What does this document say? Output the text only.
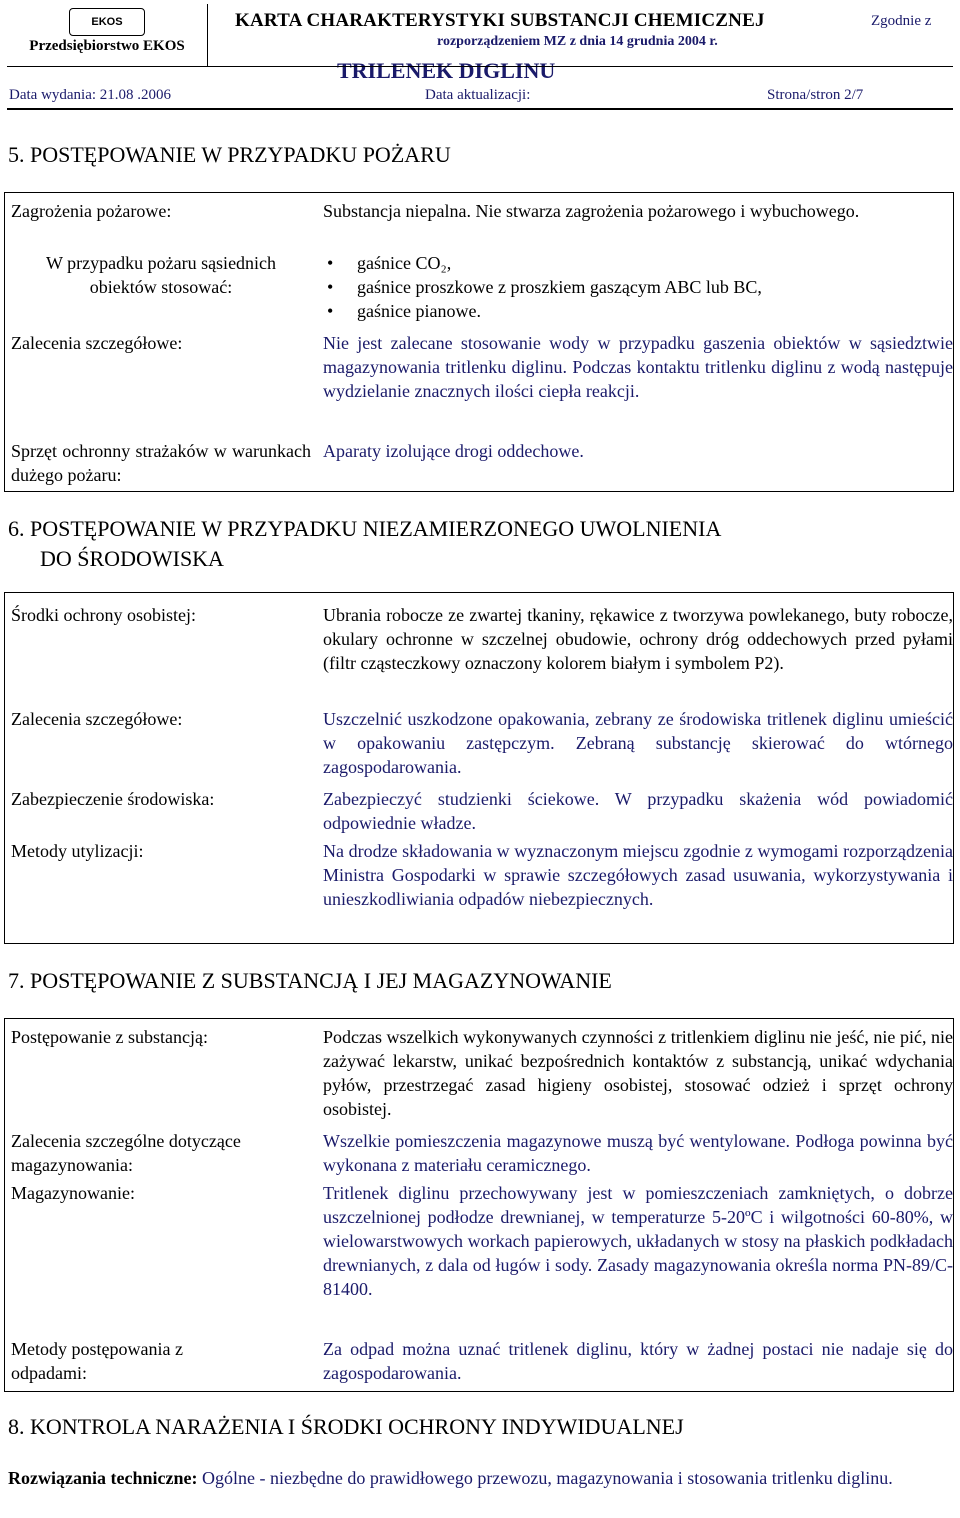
EKOS
Przedsiębiorstwo EKOS
KARTA CHARAKTERYSTYKI SUBSTANCJI CHEMICZNEJ	Zgodnie z
rozporządzeniem MZ z dnia 14 grudnia 2004 r.
TRILENEK DIGLINU
Data wydania: 21.08 .2006	Data aktualizacji:	Strona/stron 2/7
5. POSTĘPOWANIE W PRZYPADKU POŻARU
Zagrożenia pożarowe:	Substancja niepalna. Nie stwarza zagrożenia pożarowego i wybuchowego.
W przypadku pożaru sąsiednich obiektów stosować:
• gaśnice CO₂,
• gaśnice proszkowe z proszkiem gaszącym ABC lub BC,
• gaśnice pianowe.
Zalecenia szczegółowe:	Nie jest zalecane stosowanie wody w przypadku gaszenia obiektów w sąsiedztwie magazynowania tritlenku diglinu. Podczas kontaktu tritlenku diglinu z wodą następuje wydzielanie znacznych ilości ciepła reakcji.
Sprzęt ochronny strażaków w warunkach dużego pożaru:
Aparaty izolujące drogi oddechowe.
6. POSTĘPOWANIE W PRZYPADKU NIEZAMIERZONEGO UWOLNIENIA
DO ŚRODOWISKA
Środki ochrony osobistej:	Ubrania robocze ze zwartej tkaniny, rękawice z tworzywa powlekanego, buty robocze, okulary ochronne w szczelnej obudowie, ochrony dróg oddechowych przed pyłami (filtr cząsteczkowy oznaczony kolorem białym i symbolem P2).
Zalecenia szczegółowe:	Uszczelnić uszkodzone opakowania, zebrany ze środowiska tritlenek diglinu umieścić w opakowaniu zastępczym. Zebraną substancję skierować do wtórnego zagospodarowania.
Zabezpieczenie środowiska:	Zabezpieczyć studzienki ściekowe. W przypadku skażenia wód powiadomić odpowiednie władze.
Metody utylizacji:	Na drodze składowania w wyznaczonym miejscu zgodnie z wymogami rozporządzenia Ministra Gospodarki w sprawie szczegółowych zasad usuwania, wykorzystywania i unieszkodliwiania odpadów niebezpiecznych.
7. POSTĘPOWANIE Z SUBSTANCJĄ I JEJ MAGAZYNOWANIE
Postępowanie z substancją:	Podczas wszelkich wykonywanych czynności z tritlenkiem diglinu nie jeść, nie pić, nie zażywać lekarstw, unikać bezpośrednich kontaktów z substancją, unikać wdychania pyłów, przestrzegać zasad higieny osobistej, stosować odzież i sprzęt ochrony osobistej.
Zalecenia szczególne dotyczące magazynowania:
Wszelkie pomieszczenia magazynowe muszą być wentylowane. Podłoga powinna być wykonana z materiału ceramicznego.
Magazynowanie:	Tritlenek diglinu przechowywany jest w pomieszczeniach zamkniętych, o dobrze uszczelnionej podłodze drewnianej, w temperaturze 5-20ºC i wilgotności 60-80%, w wielowarstwowych workach papierowych, układanych w stosy na płaskich podkładach drewnianych, z dala od ługów i sody. Zasady magazynowania określa norma PN-89/C-81400.
Metody postępowania z odpadami:
Za odpad można uznać tritlenek diglinu, który w żadnej postaci nie nadaje się do zagospodarowania.
8. KONTROLA NARAŻENIA I ŚRODKI OCHRONY INDYWIDUALNEJ
Rozwiązania techniczne: Ogólne - niezbędne do prawidłowego przewozu, magazynowania i stosowania tritlenku diglinu.
